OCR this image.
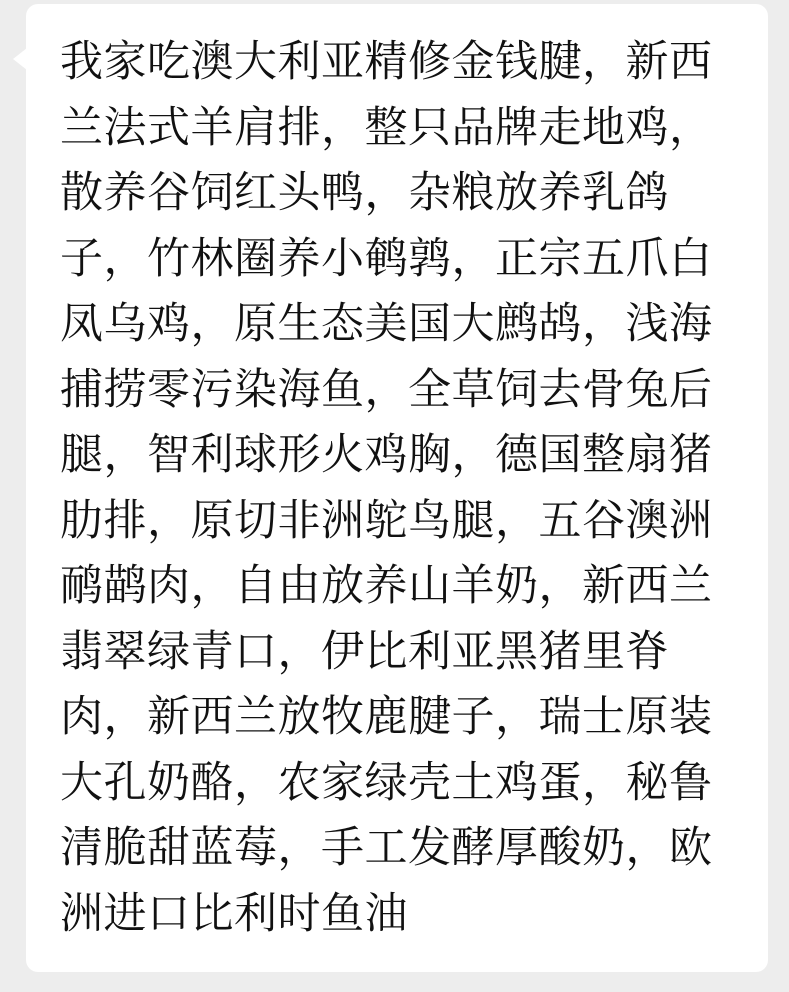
我家吃澳大利亚精修金钱腱，新西
兰法式羊肩排，整只品牌走地鸡，
散养谷饲红头鸭，杂粮放养乳鸽
子，竹林圈养小鹌鹑，正宗五爪白
凤乌鸡，原生态美国大鹧鸪，浅海
捕捞零污染海鱼，全草饲去骨兔后
腿，智利球形火鸡胸，德国整扇猪
肋排，原切非洲鸵鸟腿，五谷澳洲
鸸鹋肉，自由放养山羊奶，新西兰
翡翠绿青口，伊比利亚黑猪里脊
肉，新西兰放牧鹿腱子，瑞士原装
大孔奶酪，农家绿壳土鸡蛋，秘鲁
清脆甜蓝莓，手工发酵厚酸奶，欧
洲进口比利时鱼油
